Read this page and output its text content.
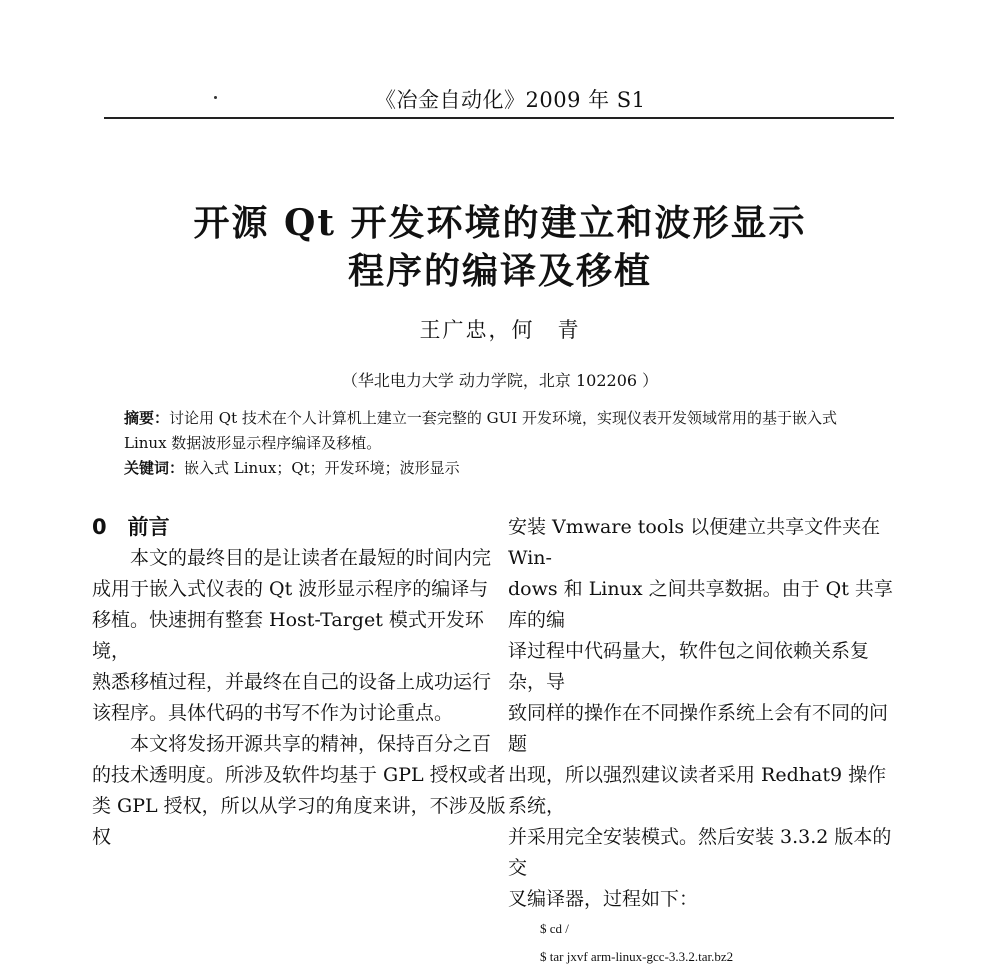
《冶金自动化》2009 年 S1
开源 Qt 开发环境的建立和波形显示
程序的编译及移植
王广忠，何　青
（华北电力大学 动力学院，北京 102206 ）
摘要：讨论用 Qt 技术在个人计算机上建立一套完整的 GUI 开发环境，实现仪表开发领域常用的基于嵌入式
Linux 数据波形显示程序编译及移植。
关键词：嵌入式 Linux；Qt；开发环境；波形显示

0　前言

本文的最终目的是让读者在最短的时间内完

成用于嵌入式仪表的 Qt 波形显示程序的编译与

移植。快速拥有整套 Host-Target 模式开发环境，

熟悉移植过程，并最终在自己的设备上成功运行

该程序。具体代码的书写不作为讨论重点。

本文将发扬开源共享的精神，保持百分之百

的技术透明度。所涉及软件均基于 GPL 授权或者

类 GPL 授权，所以从学习的角度来讲，不涉及版权

安装 Vmware tools 以便建立共享文件夹在 Win-

dows 和 Linux 之间共享数据。由于 Qt 共享库的编

译过程中代码量大，软件包之间依赖关系复杂，导

致同样的操作在不同操作系统上会有不同的问题

出现，所以强烈建议读者采用 Redhat9 操作系统，

并采用完全安装模式。然后安装 3.3.2 版本的交

叉编译器，过程如下：

$ cd /

$ tar jxvf arm-linux-gcc-3.3.2.tar.bz2
